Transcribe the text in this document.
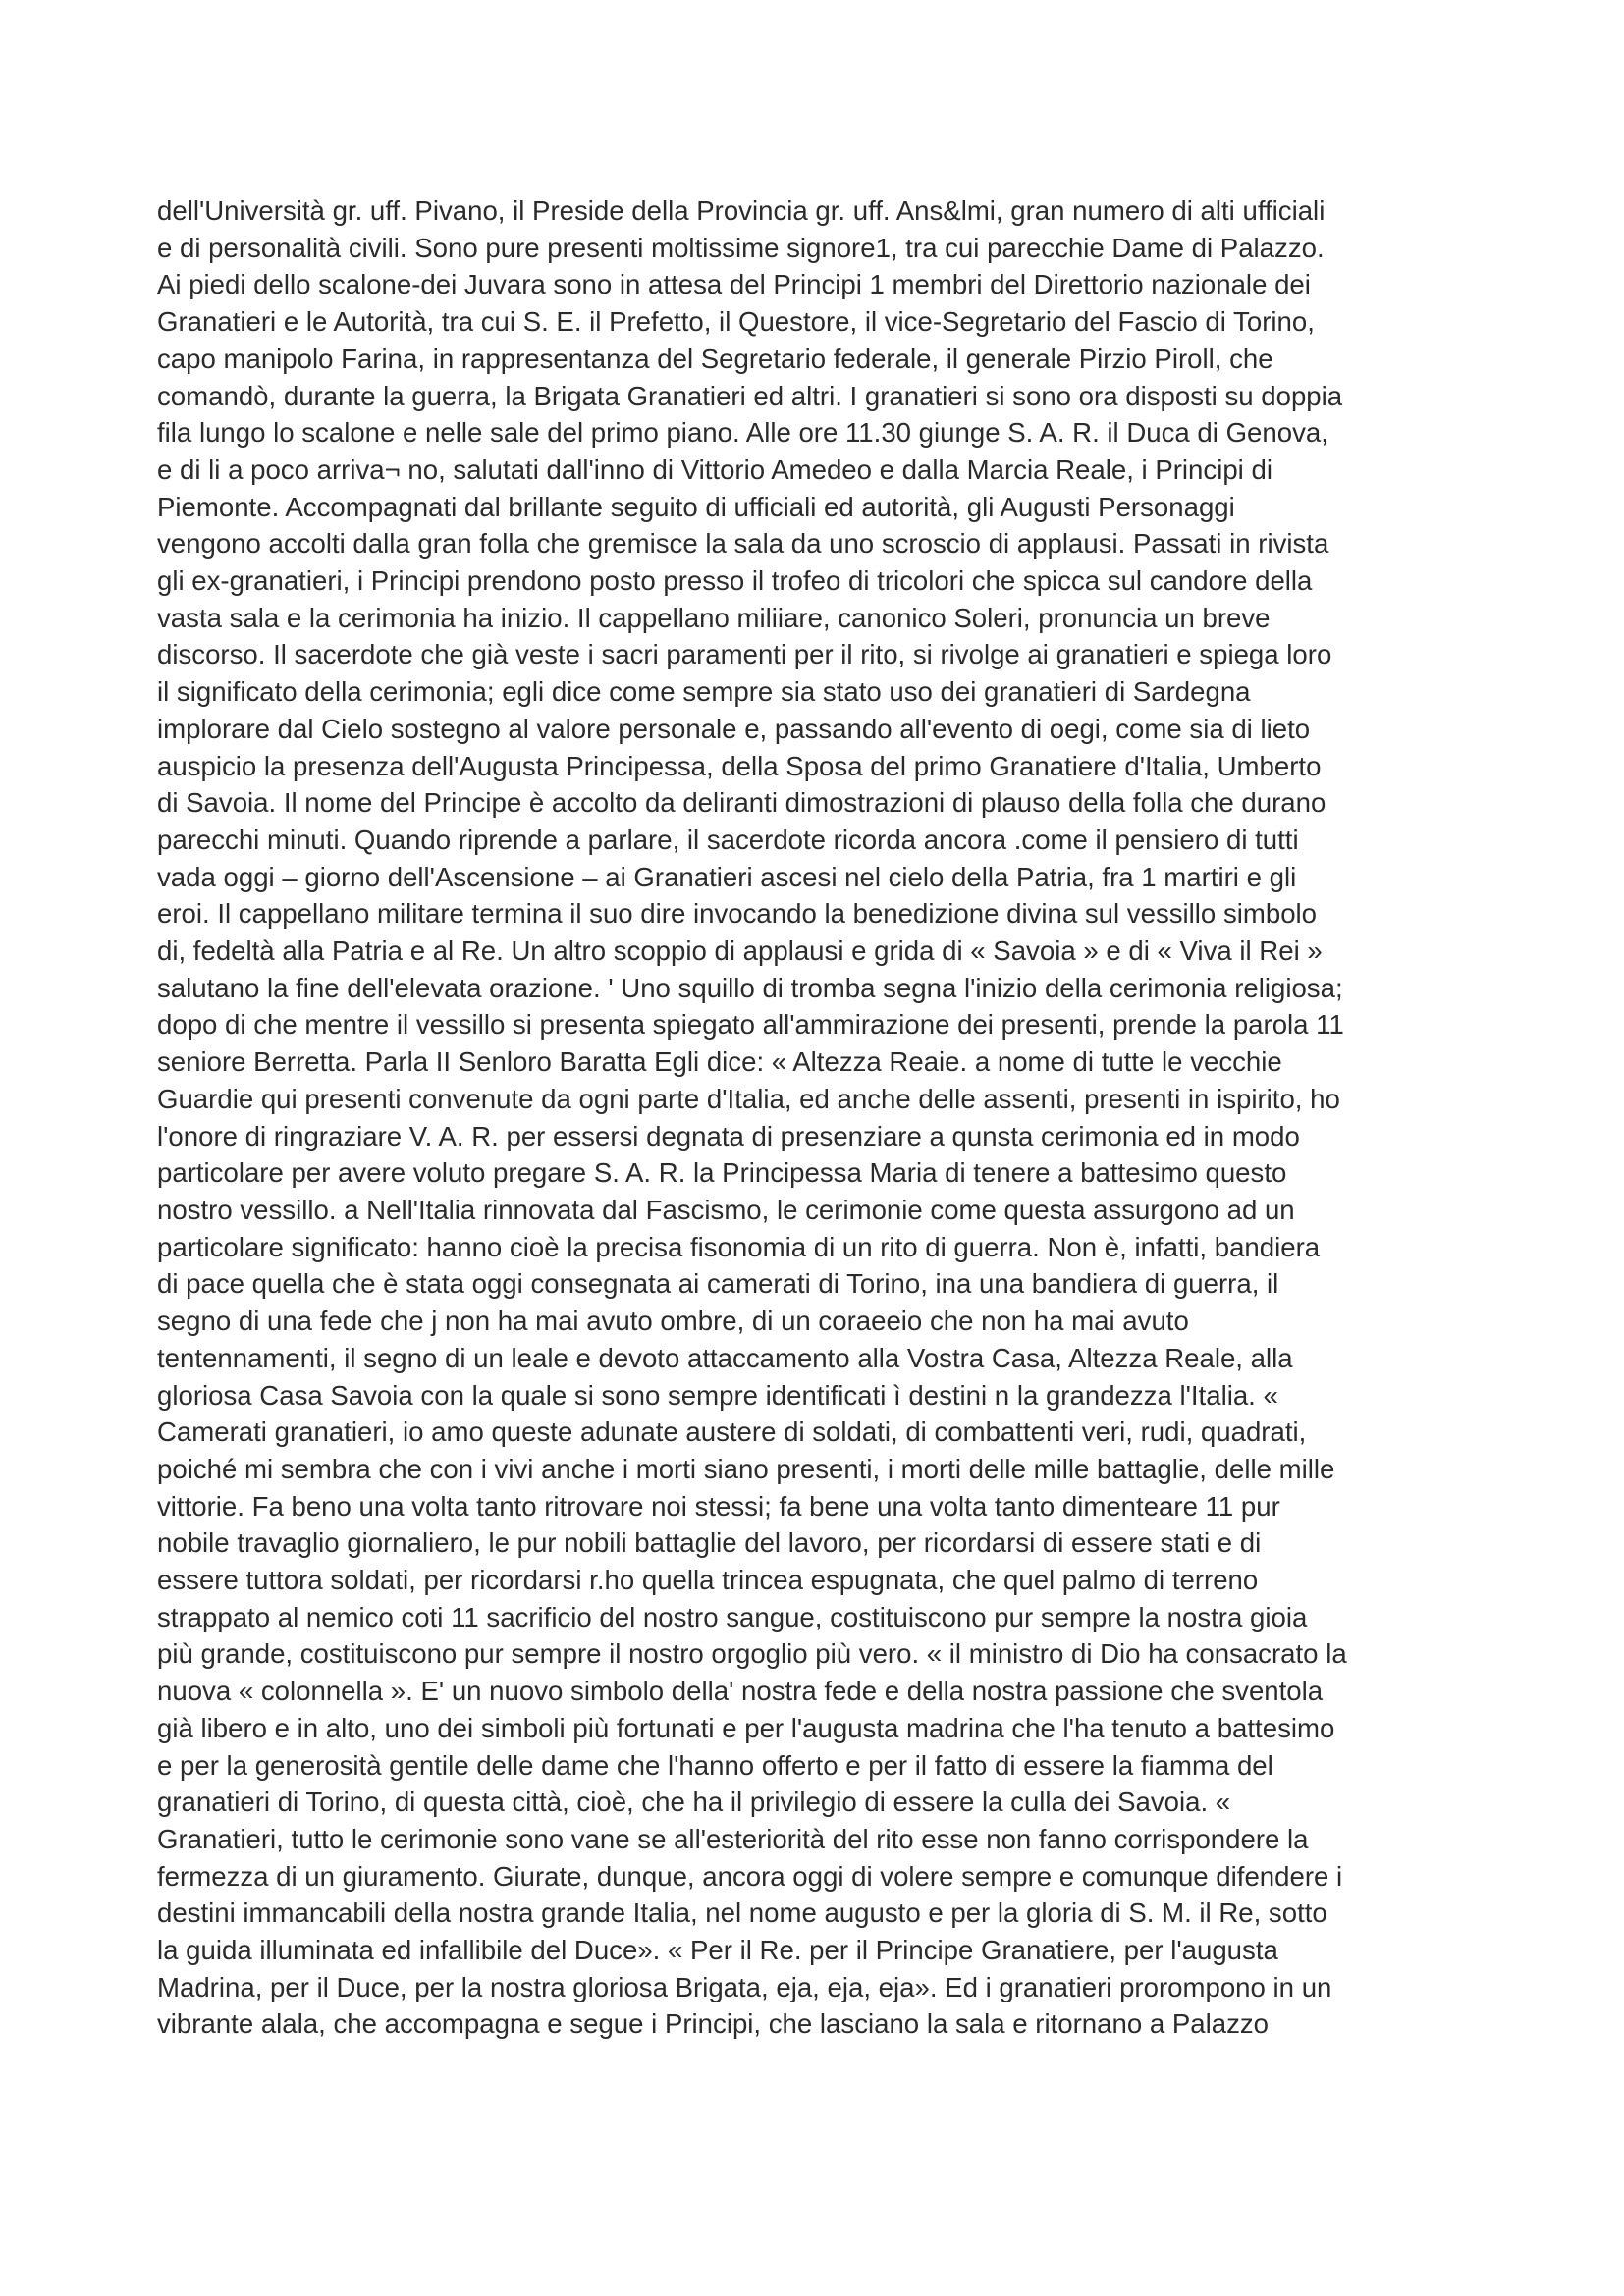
dell'Università gr. uff. Pivano, il Preside della Provincia gr. uff. Ans&lmi, gran numero di alti ufficiali

e di personalità civili. Sono pure presenti moltissime signore1, tra cui parecchie Dame di Palazzo.

Ai piedi dello scalone-dei Juvara sono in attesa del Principi 1 membri del Direttorio nazionale dei

Granatieri e le Autorità, tra cui S. E. il Prefetto, il Questore, il vice-Segretario del Fascio di Torino,

capo manipolo Farina, in rappresentanza del Segretario federale, il generale Pirzio Piroll, che

comandò, durante la guerra, la Brigata Granatieri ed altri. I granatieri si sono ora disposti su doppia

fila lungo lo scalone e nelle sale del primo piano. Alle ore 11.30 giunge S. A. R. il Duca di Genova,

e di li a poco arriva¬ no, salutati dall'inno di Vittorio Amedeo e dalla Marcia Reale, i Principi di

Piemonte. Accompagnati dal brillante seguito di ufficiali ed autorità, gli Augusti Personaggi

vengono accolti dalla gran folla che gremisce la sala da uno scroscio di applausi. Passati in rivista

gli ex-granatieri, i Principi prendono posto presso il trofeo di tricolori che spicca sul candore della

vasta sala e la cerimonia ha inizio. Il cappellano miliiare, canonico Soleri, pronuncia un breve

discorso. Il sacerdote che già veste i sacri paramenti per il rito, si rivolge ai granatieri e spiega loro

il significato della cerimonia; egli dice come sempre sia stato uso dei granatieri di Sardegna

implorare dal Cielo sostegno al valore personale e, passando all'evento di oegi, come sia di lieto

auspicio la presenza dell'Augusta Principessa, della Sposa del primo Granatiere d'Italia, Umberto

di Savoia. Il nome del Principe è accolto da deliranti dimostrazioni di plauso della folla che durano

parecchi minuti. Quando riprende a parlare, il sacerdote ricorda ancora .come il pensiero di tutti

vada oggi – giorno dell'Ascensione – ai Granatieri ascesi nel cielo della Patria, fra 1 martiri e gli

eroi. Il cappellano militare termina il suo dire invocando la benedizione divina sul vessillo simbolo

di, fedeltà alla Patria e al Re. Un altro scoppio di applausi e grida di « Savoia » e di « Viva il Rei »

salutano la fine dell'elevata orazione. ' Uno squillo di tromba segna l'inizio della cerimonia religiosa;

dopo di che mentre il vessillo si presenta spiegato all'ammirazione dei presenti, prende la parola 11

seniore Berretta. Parla II Senloro Baratta Egli dice: « Altezza Reaie. a nome di tutte le vecchie

Guardie qui presenti convenute da ogni parte d'Italia, ed anche delle assenti, presenti in ispirito, ho

l'onore di ringraziare V. A. R. per essersi degnata di presenziare a qunsta cerimonia ed in modo

particolare per avere voluto pregare S. A. R. la Principessa Maria di tenere a battesimo questo

nostro vessillo. a Nell'Italia rinnovata dal Fascismo, le cerimonie come questa assurgono ad un

particolare significato: hanno cioè la precisa fisonomia di un rito di guerra. Non è, infatti, bandiera

di pace quella che è stata oggi consegnata ai camerati di Torino, ina una bandiera di guerra, il

segno di una fede che j non ha mai avuto ombre, di un coraeeio che non ha mai avuto

tentennamenti, il segno di un leale e devoto attaccamento alla Vostra Casa, Altezza Reale, alla

gloriosa Casa Savoia con la quale si sono sempre identificati ì destini n la grandezza l'Italia. «

Camerati granatieri, io amo queste adunate austere di soldati, di combattenti veri, rudi, quadrati,

poiché mi sembra che con i vivi anche i morti siano presenti, i morti delle mille battaglie, delle mille

vittorie. Fa beno una volta tanto ritrovare noi stessi; fa bene una volta tanto dimenteare 11 pur

nobile travaglio giornaliero, le pur nobili battaglie del lavoro, per ricordarsi di essere stati e di

essere tuttora soldati, per ricordarsi r.ho quella trincea espugnata, che quel palmo di terreno

strappato al nemico coti 11 sacrificio del nostro sangue, costituiscono pur sempre la nostra gioia

più grande, costituiscono pur sempre il nostro orgoglio più vero. « il ministro di Dio ha consacrato la

nuova « colonnella ». E' un nuovo simbolo della' nostra fede e della nostra passione che sventola

già libero e in alto, uno dei simboli più fortunati e per l'augusta madrina che l'ha tenuto a battesimo

e per la generosità gentile delle dame che l'hanno offerto e per il fatto di essere la fiamma del

granatieri di Torino, di questa città, cioè, che ha il privilegio di essere la culla dei Savoia. «

Granatieri, tutto le cerimonie sono vane se all'esteriorità del rito esse non fanno corrispondere la

fermezza di un giuramento. Giurate, dunque, ancora oggi di volere sempre e comunque difendere i

destini immancabili della nostra grande Italia, nel nome augusto e per la gloria di S. M. il Re, sotto

la guida illuminata ed infallibile del Duce». « Per il Re. per il Principe Granatiere, per l'augusta

Madrina, per il Duce, per la nostra gloriosa Brigata, eja, eja, eja». Ed i granatieri prorompono in un

vibrante alala, che accompagna e segue i Principi, che lasciano la sala e ritornano a Palazzo
